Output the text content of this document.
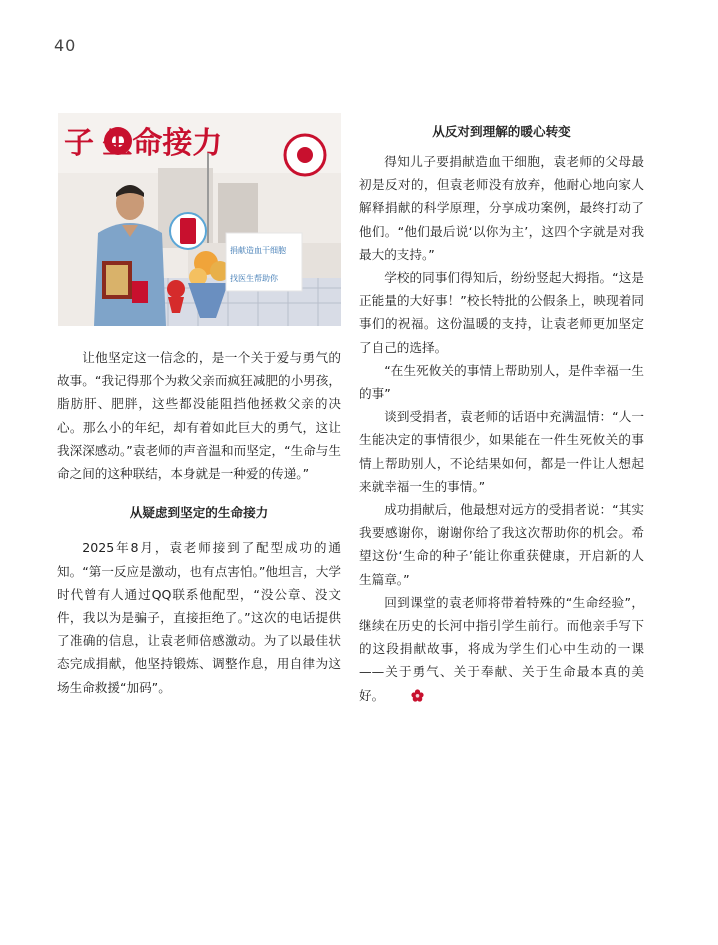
40
子 生命接力
捐献造血干细胞
找医生帮助你

让他坚定这一信念的，是一个关于爱与勇气的故事。“我记得那个为救父亲而疯狂减肥的小男孩，脂肪肝、肥胖，这些都没能阻挡他拯救父亲的决心。那么小的年纪，却有着如此巨大的勇气，这让我深深感动。”袁老师的声音温和而坚定，“生命与生命之间的这种联结，本身就是一种爱的传递。”

从疑虑到坚定的生命接力

2025年8月，袁老师接到了配型成功的通知。“第一反应是激动，也有点害怕。”他坦言，大学时代曾有人通过QQ联系他配型，“没公章、没文件，我以为是骗子，直接拒绝了。”这次的电话提供了准确的信息，让袁老师倍感激动。为了以最佳状态完成捐献，他坚持锻炼、调整作息，用自律为这场生命救援“加码”。

从反对到理解的暖心转变

得知儿子要捐献造血干细胞，袁老师的父母最初是反对的，但袁老师没有放弃，他耐心地向家人解释捐献的科学原理，分享成功案例，最终打动了他们。“他们最后说‘以你为主’，这四个字就是对我最大的支持。”

学校的同事们得知后，纷纷竖起大拇指。“这是正能量的大好事！”校长特批的公假条上，映现着同事们的祝福。这份温暖的支持，让袁老师更加坚定了自己的选择。

“在生死攸关的事情上帮助别人，是件幸福一生的事”

谈到受捐者，袁老师的话语中充满温情：“人一生能决定的事情很少，如果能在一件生死攸关的事情上帮助别人，不论结果如何，都是一件让人想起来就幸福一生的事情。”

成功捐献后，他最想对远方的受捐者说：“其实我要感谢你，谢谢你给了我这次帮助你的机会。希望这份‘生命的种子’能让你重获健康，开启新的人生篇章。”

回到课堂的袁老师将带着特殊的“生命经验”，继续在历史的长河中指引学生前行。而他亲手写下的这段捐献故事，将成为学生们心中生动的一课——关于勇气、关于奉献、关于生命最本真的美好。
